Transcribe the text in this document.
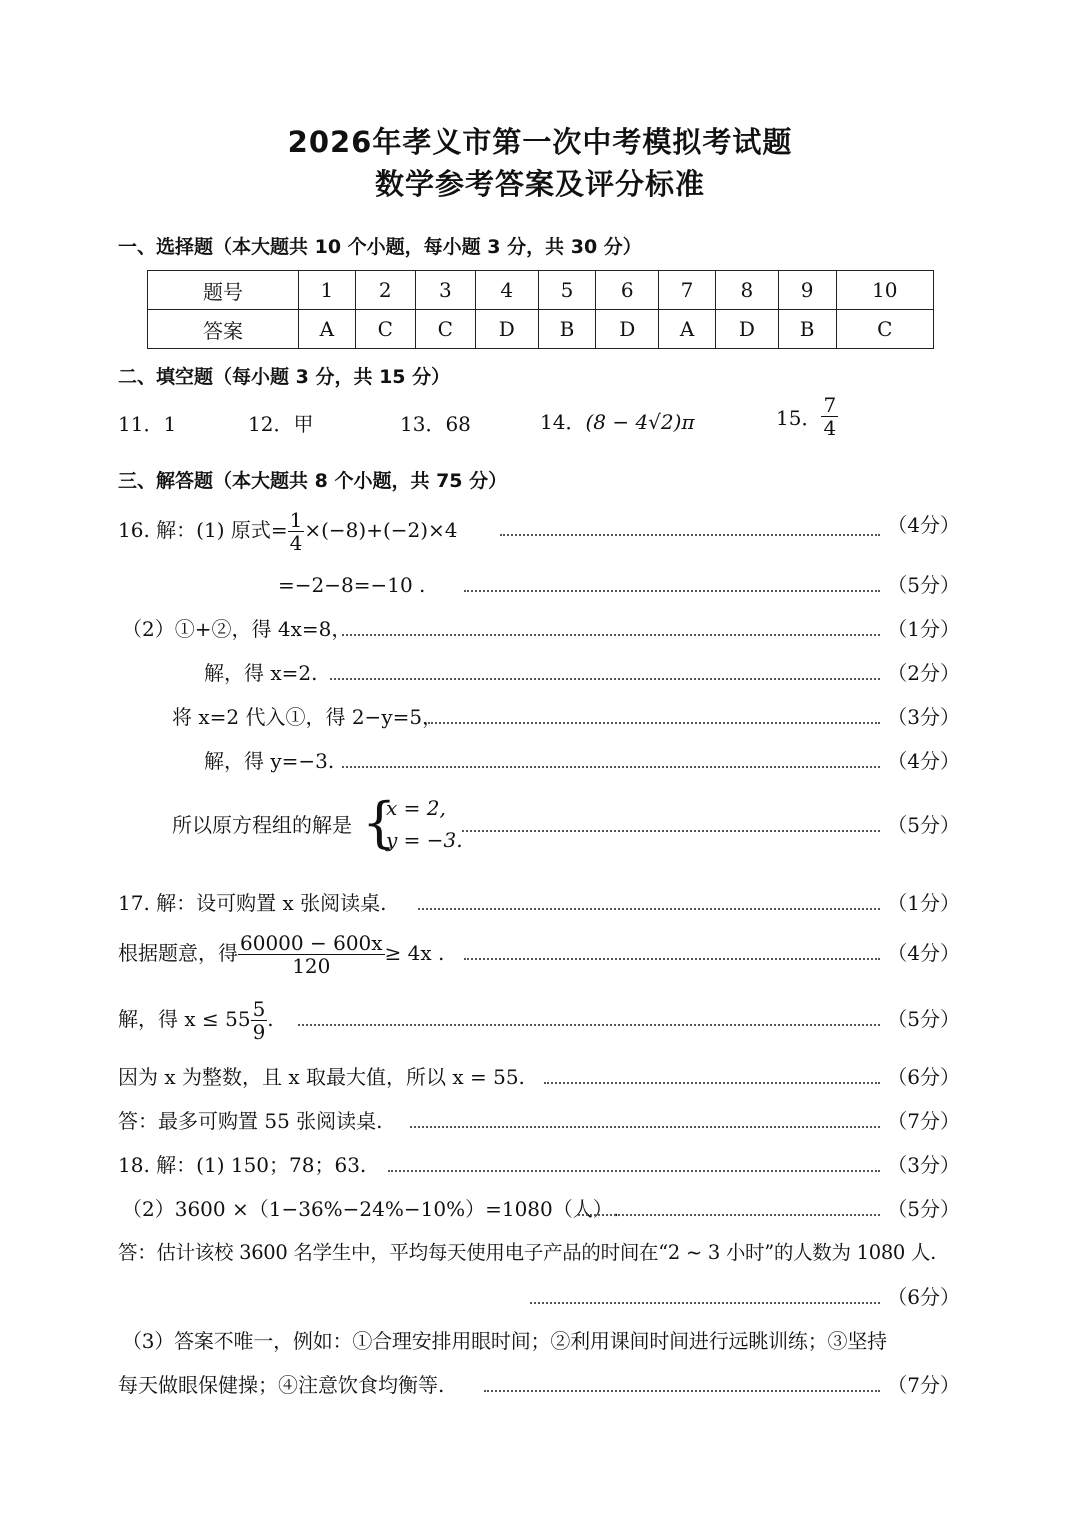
2026年孝义市第一次中考模拟考试题
数学参考答案及评分标准
一、选择题（本大题共 10 个小题，每小题 3 分，共 30 分）
题号	1	2	3	4	5	6	7	8	9	10
答案	A	C	C	D	B	D	A	D	B	C
二、填空题（每小题 3 分，共 15 分）
11．1	12．甲	13．68	14．(8 − 4√2)π	15． $\frac{7}{4}$
三、解答题（本大题共 8 个小题，共 75 分）
16. 解：(1) 原式= $\frac{1}{4} \times(-8)+(-2)\times 4$	（4分）
=−2−8=−10 .	（5分）
（2）①+②，得 4x=8，	（1分）
解，得 x=2.	（2分）
将 x=2 代入①，得 2−y=5，	（3分）
解，得 y=−3.	（4分）
所以原方程组的解是 {
x = 2,
y = −3.
（5分）
17. 解：设可购置 x 张阅读桌.	（1分）
根据题意，得 $\frac{60000 - 600x}{120} \ge 4x$ .	（4分）
解，得 $x \le 55 \frac{5}{9}$ .	（5分）
因为 x 为整数，且 x 取最大值，所以 x = 55.	（6分）
答：最多可购置 55 张阅读桌.	（7分）
18. 解：(1) 150；78；63.	（3分）
（2）3600 ×（1−36%−24%−10%）=1080（人）.	（5分）
答：估计该校 3600 名学生中，平均每天使用电子产品的时间在“2 ~ 3 小时”的人数为 1080 人.
（6分）
（3）答案不唯一，例如：①合理安排用眼时间；②利用课间时间进行远眺训练；③坚持
每天做眼保健操；④注意饮食均衡等.	（7分）
